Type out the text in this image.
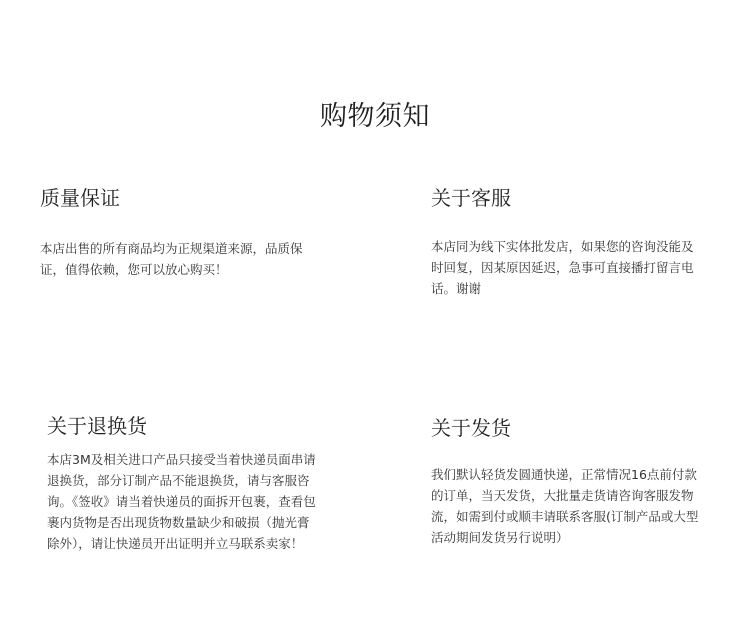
购物须知
质量保证
本店出售的所有商品均为正规渠道来源，品质保证，值得依赖，您可以放心购买！
关于客服
本店同为线下实体批发店，如果您的咨询没能及时回复，因某原因延迟，急事可直接播打留言电话。谢谢
关于退换货
本店3M及相关进口产品只接受当着快递员面串请退换货，部分订制产品不能退换货，请与客服咨询。《签收》请当着快递员的面拆开包裹，查看包裹内货物是否出现货物数量缺少和破损（抛光膏除外），请让快递员开出证明并立马联系卖家！
关于发货
我们默认轻货发圆通快递，正常情况16点前付款的订单，当天发货，大批量走货请咨询客服发物流，如需到付或顺丰请联系客服(订制产品或大型活动期间发货另行说明）
